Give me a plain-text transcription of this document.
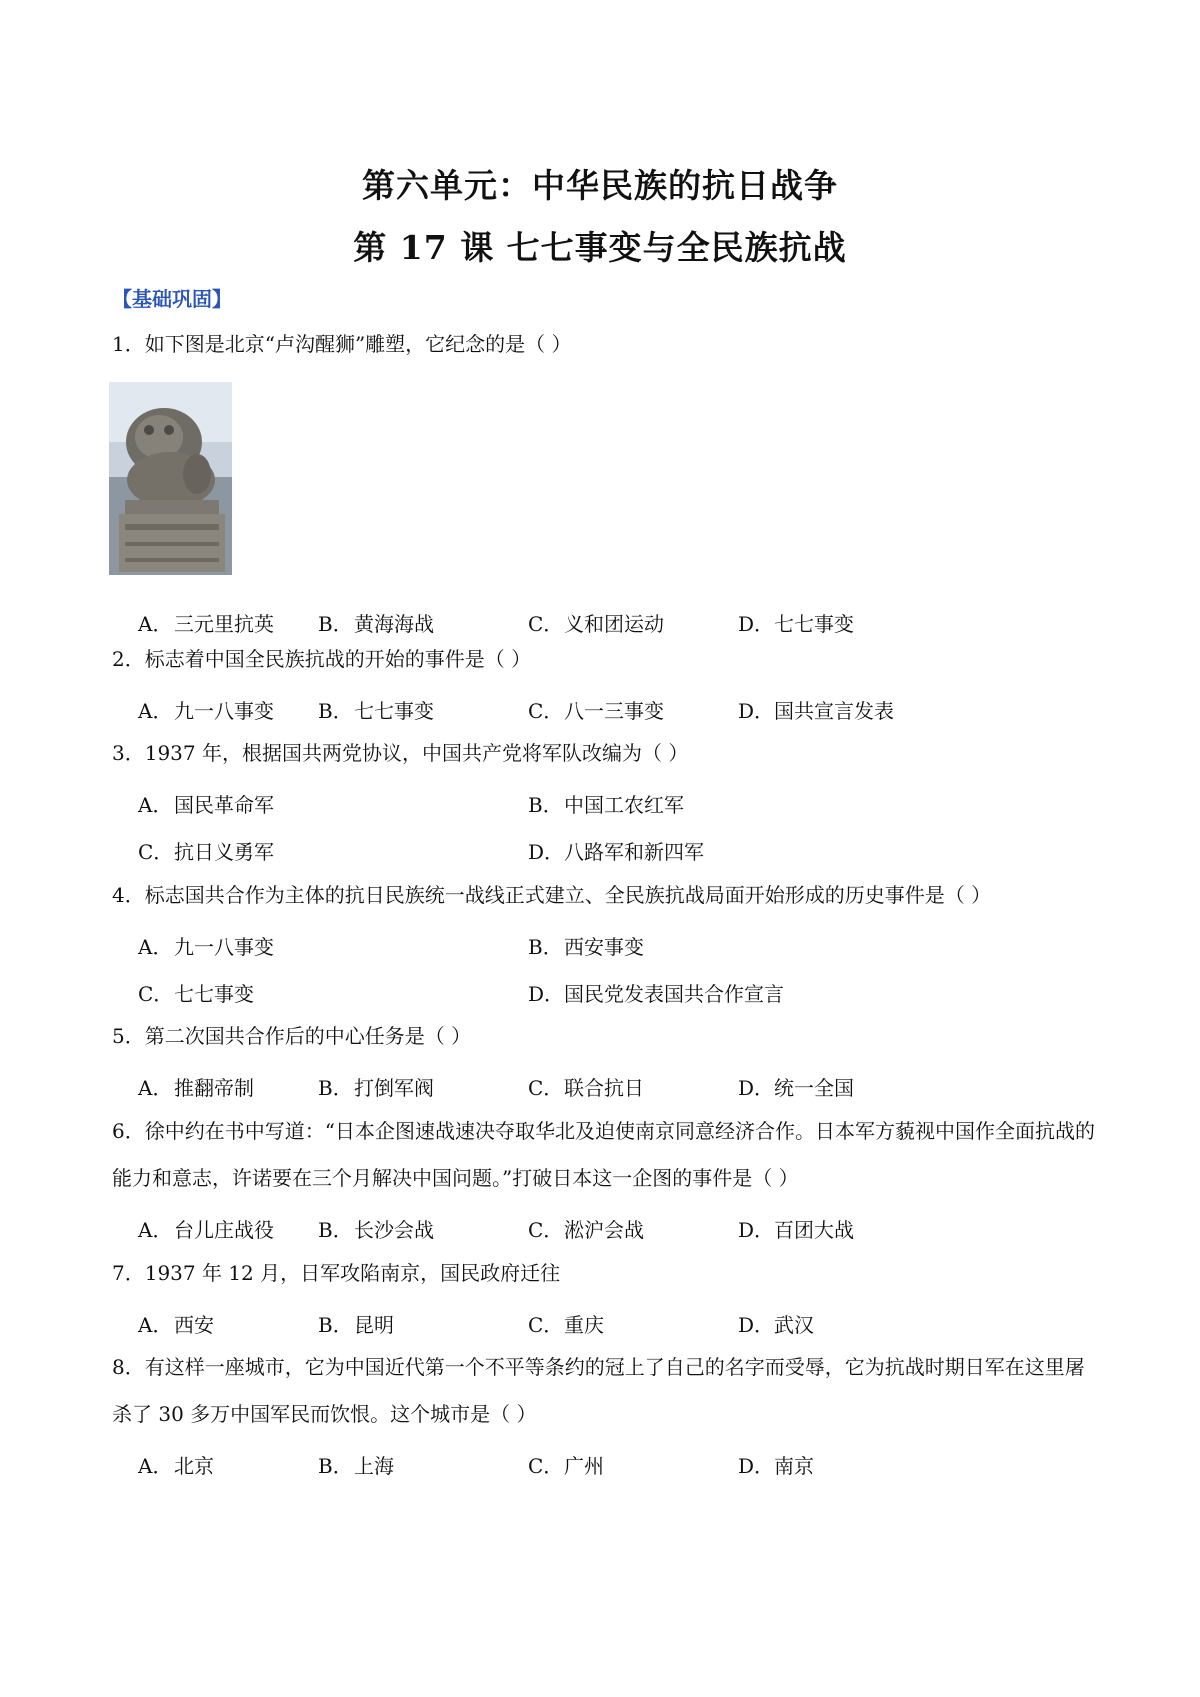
第六单元：中华民族的抗日战争
第 17 课 七七事变与全民族抗战
【基础巩固】
1．如下图是北京“卢沟醒狮”雕塑，它纪念的是（ ）
A．三元里抗英 B．黄海海战	C．义和团运动	D．七七事变
2．标志着中国全民族抗战的开始的事件是（ ）
A．九一八事变 B．七七事变	C．八一三事变	D．国共宣言发表
3．1937 年，根据国共两党协议，中国共产党将军队改编为（ ）
A．国民革命军	B．中国工农红军
C．抗日义勇军	D．八路军和新四军
4．标志国共合作为主体的抗日民族统一战线正式建立、全民族抗战局面开始形成的历史事件是（ ）
A．九一八事变	B．西安事变
C．七七事变	D．国民党发表国共合作宣言
5．第二次国共合作后的中心任务是（ ）
A．推翻帝制	B．打倒军阀	C．联合抗日	D．统一全国
6．徐中约在书中写道：“日本企图速战速决夺取华北及迫使南京同意经济合作。日本军方藐视中国作全面抗战的能力和意志，许诺要在三个月解决中国问题。”打破日本这一企图的事件是（ ）
A．台儿庄战役 B．长沙会战	C．淞沪会战	D．百团大战
7．1937 年 12 月，日军攻陷南京，国民政府迁往
A．西安	B．昆明	C．重庆	D．武汉
8．有这样一座城市，它为中国近代第一个不平等条约的冠上了自己的名字而受辱，它为抗战时期日军在这里屠杀了 30 多万中国军民而饮恨。这个城市是（ ）
A．北京	B．上海	C．广州	D．南京
